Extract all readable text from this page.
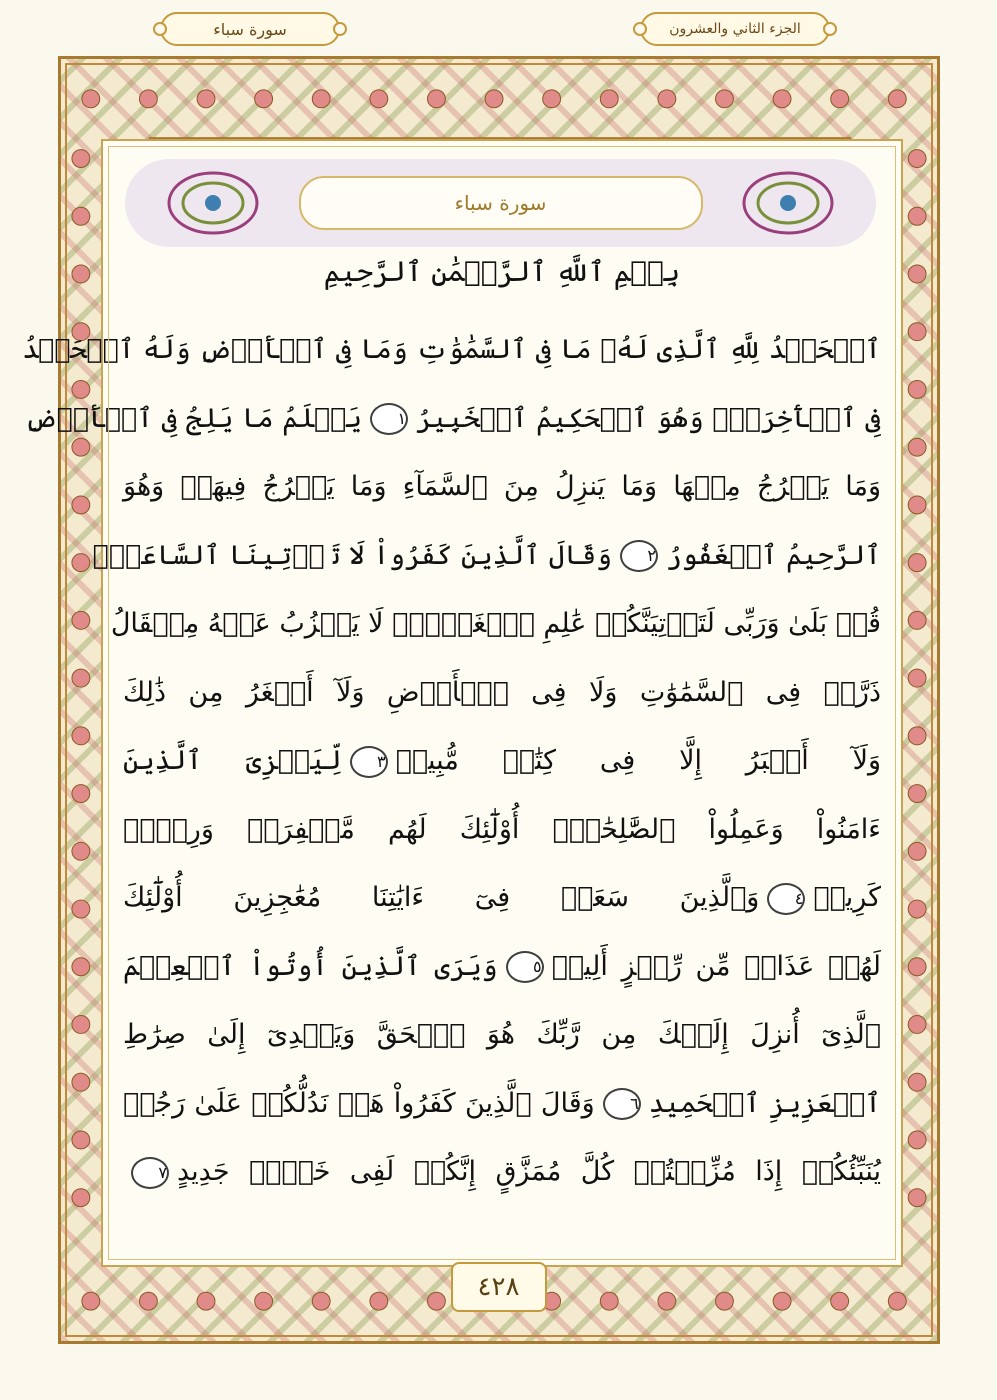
سورة سباء	الجزء الثاني والعشرون
سورة سباء
بِسۡمِ ٱللَّهِ ٱلرَّحۡمَٰنِ ٱلرَّحِيمِ
ٱلۡحَمۡدُ لِلَّهِ ٱلَّذِى لَهُۥ مَا فِى ٱلسَّمَٰوَٰتِ وَمَا فِى ٱلۡأَرۡضِ وَلَهُ ٱلۡحَمۡدُ
فِى ٱلۡأٓخِرَةِۚ وَهُوَ ٱلۡحَكِيمُ ٱلۡخَبِيرُ١يَعۡلَمُ مَا يَلِجُ فِى ٱلۡأَرۡضِ
وَمَا يَخۡرُجُ مِنۡهَا وَمَا يَنزِلُ مِنَ ٱلسَّمَآءِ وَمَا يَعۡرُجُ فِيهَاۚ وَهُوَ
ٱلرَّحِيمُ ٱلۡغَفُورُ٢وَقَالَ ٱلَّذِينَ كَفَرُواْ لَا تَأۡتِينَا ٱلسَّاعَةُۖ
قُلۡ بَلَىٰ وَرَبِّى لَتَأۡتِيَنَّكُمۡ عَٰلِمِ ٱلۡغَيۡبِۖ لَا يَعۡزُبُ عَنۡهُ مِثۡقَالُ
ذَرَّةٖ فِى ٱلسَّمَٰوَٰتِ وَلَا فِى ٱلۡأَرۡضِ وَلَآ أَصۡغَرُ مِن ذَٰلِكَ
وَلَآ أَكۡبَرُ إِلَّا فِى كِتَٰبٖ مُّبِينٖ٣لِّيَجۡزِىَ ٱلَّذِينَ
ءَامَنُواْ وَعَمِلُواْ ٱلصَّٰلِحَٰتِۚ أُوْلَٰٓئِكَ لَهُم مَّغۡفِرَةٞ وَرِزۡقٞ
كَرِيمٞ٤وَٱلَّذِينَ سَعَوۡ فِىٓ ءَايَٰتِنَا مُعَٰجِزِينَ أُوْلَٰٓئِكَ
لَهُمۡ عَذَابٞ مِّن رِّجۡزٍ أَلِيمٞ٥وَيَرَى ٱلَّذِينَ أُوتُواْ ٱلۡعِلۡمَ
ٱلَّذِىٓ أُنزِلَ إِلَيۡكَ مِن رَّبِّكَ هُوَ ٱلۡحَقَّ وَيَهۡدِىٓ إِلَىٰ صِرَٰطِ
ٱلۡعَزِيزِ ٱلۡحَمِيدِ٦وَقَالَ ٱلَّذِينَ كَفَرُواْ هَلۡ نَدُلُّكُمۡ عَلَىٰ رَجُلٖ
يُنَبِّئُكُمۡ إِذَا مُزِّقۡتُمۡ كُلَّ مُمَزَّقٍ إِنَّكُمۡ لَفِى خَلۡقٖ جَدِيدٍ٧
٤٢٨
